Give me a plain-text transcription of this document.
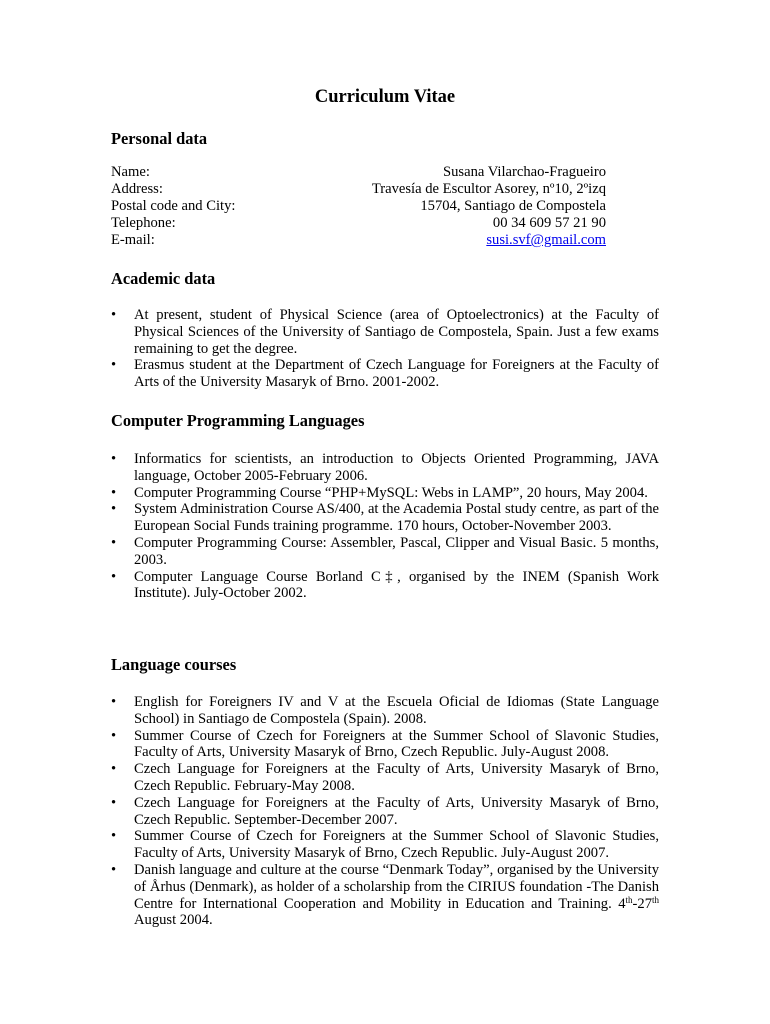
Curriculum Vitae
Personal data
Name:	Susana Vilarchao-Fragueiro
Address:	Travesía de Escultor Asorey, nº10, 2ºizq
Postal code and City:	15704, Santiago de Compostela
Telephone:	00 34 609 57 21 90
E-mail:	susi.svf@gmail.com
Academic data
•	At present, student of Physical Science (area of Optoelectronics) at the Faculty of Physical Sciences of the University of Santiago de Compostela, Spain. Just a few exams remaining to get the degree.
•	Erasmus student at the Department of Czech Language for Foreigners at the Faculty of Arts of the University Masaryk of Brno. 2001-2002.
Computer Programming Languages
•	Informatics for scientists, an introduction to Objects Oriented Programming, JAVA language, October 2005-February 2006.
•	Computer Programming Course “PHP+MySQL: Webs in LAMP”, 20 hours, May 2004.
•	System Administration Course AS/400, at the Academia Postal study centre, as part of the European Social Funds training programme. 170 hours, October-November 2003.
•	Computer Programming Course: Assembler, Pascal, Clipper and Visual Basic. 5 months, 2003.
•	Computer Language Course Borland C‡, organised by the INEM (Spanish Work Institute). July-October 2002.
Language courses
•	English for Foreigners IV and V at the Escuela Oficial de Idiomas (State Language School) in Santiago de Compostela (Spain). 2008.
•	Summer Course of Czech for Foreigners at the Summer School of Slavonic Studies, Faculty of Arts, University Masaryk of Brno, Czech Republic. July-August 2008.
•	Czech Language for Foreigners at the Faculty of Arts, University Masaryk of Brno, Czech Republic. February-May 2008.
•	Czech Language for Foreigners at the Faculty of Arts, University Masaryk of Brno, Czech Republic. September-December 2007.
•	Summer Course of Czech for Foreigners at the Summer School of Slavonic Studies, Faculty of Arts, University Masaryk of Brno, Czech Republic. July-August 2007.
•	Danish language and culture at the course “Denmark Today”, organised by the University of Århus (Denmark), as holder of a scholarship from the CIRIUS foundation -The Danish Centre for International Cooperation and Mobility in Education and Training. 4th-27th August 2004.
